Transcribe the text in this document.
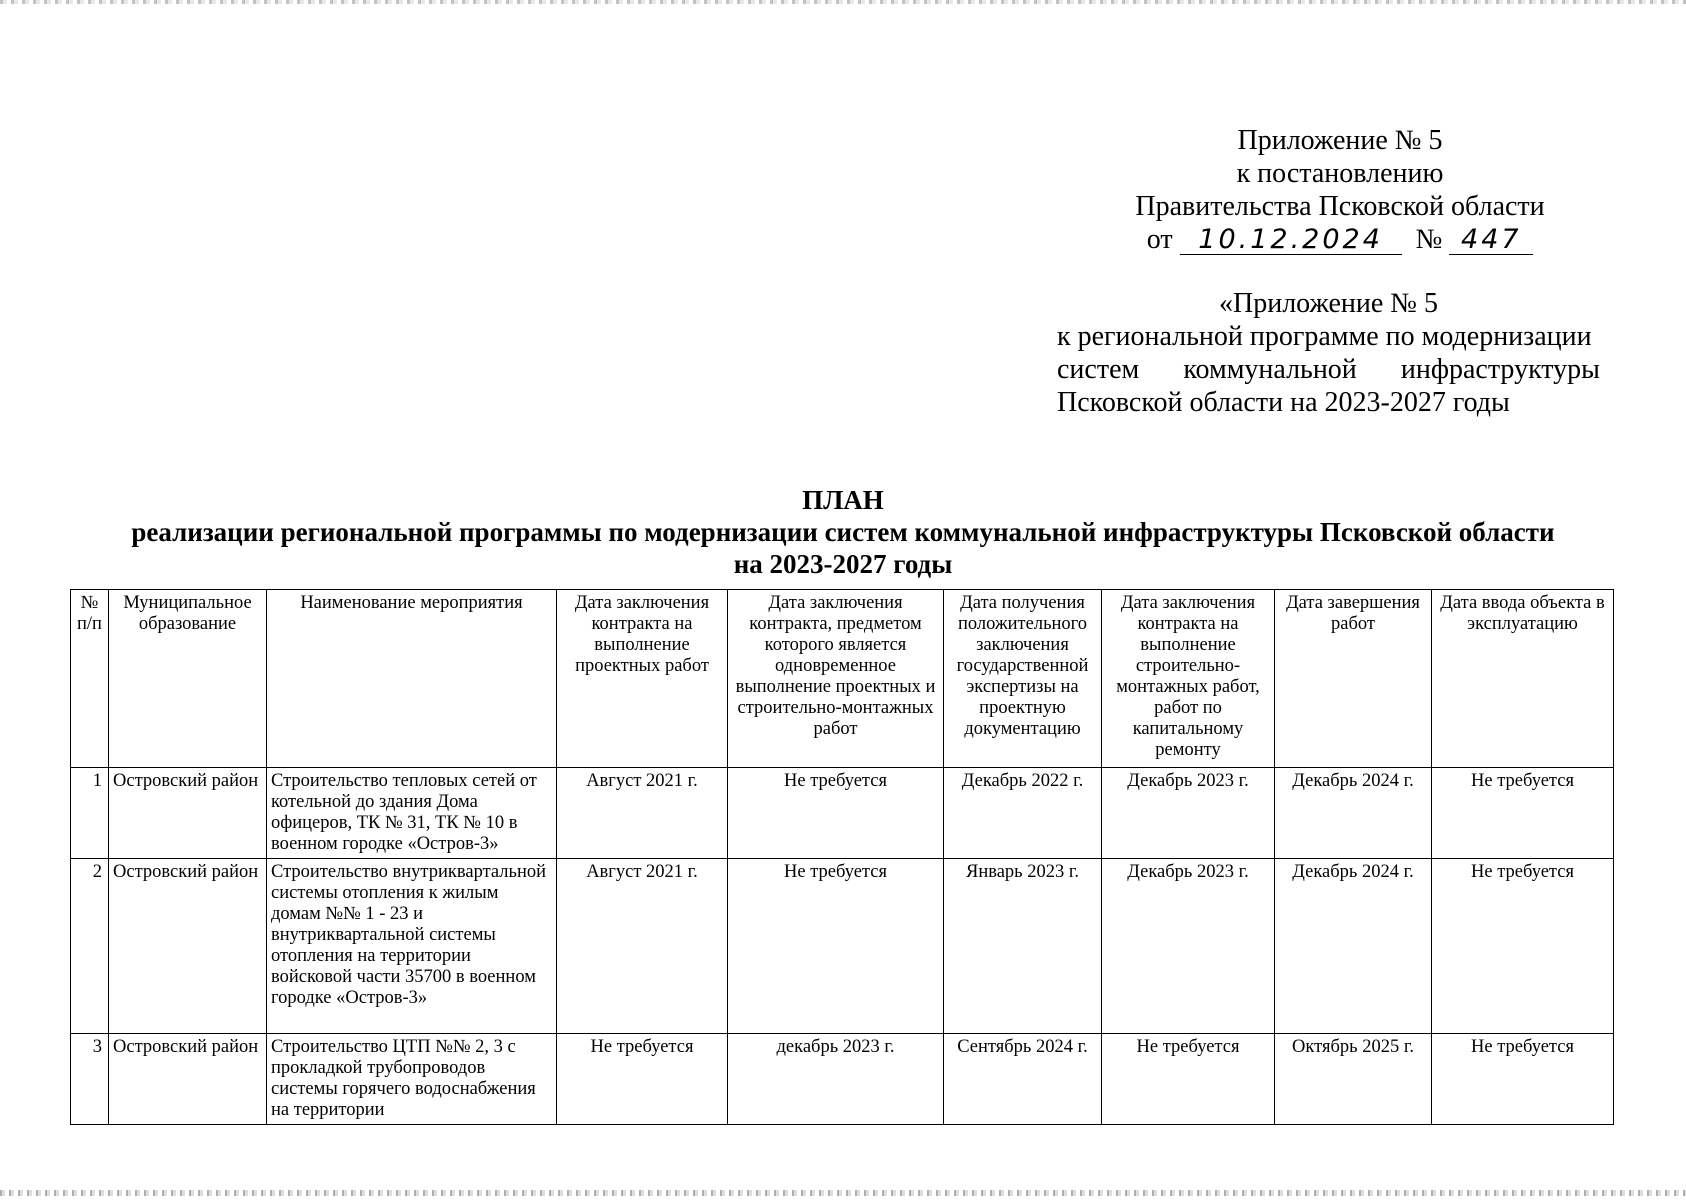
Приложение № 5
к постановлению
Правительства Псковской области
от 10.12.2024 № 447
«Приложение № 5
к региональной программе по модернизации
систем коммунальной инфраструктуры
Псковской области на 2023-2027 годы
ПЛАН
реализации региональной программы по модернизации систем коммунальной инфраструктуры Псковской области
на 2023-2027 годы
№ п/п	Муниципальное образование	Наименование мероприятия	Дата заключения контракта на выполнение проектных работ	Дата заключения контракта, предметом которого является одновременное выполнение проектных и строительно-монтажных работ	Дата получения положительного заключения государственной экспертизы на проектную документацию	Дата заключения контракта на выполнение строительно-монтажных работ, работ по капитальному ремонту	Дата завершения работ	Дата ввода объекта в эксплуатацию
1	Островский район	Строительство тепловых сетей от котельной до здания Дома офицеров, ТК № 31, ТК № 10 в военном городке «Остров-3»	Август 2021 г.	Не требуется	Декабрь 2022 г.	Декабрь 2023 г.	Декабрь 2024 г.	Не требуется
2	Островский район	Строительство внутриквартальной системы отопления к жилым домам №№ 1 - 23 и внутриквартальной системы отопления на территории войсковой части 35700 в военном городке «Остров-3»	Август 2021 г.	Не требуется	Январь 2023 г.	Декабрь 2023 г.	Декабрь 2024 г.	Не требуется
3	Островский район	Строительство ЦТП №№ 2, 3 с прокладкой трубопроводов системы горячего водоснабжения на территории	Не требуется	декабрь 2023 г.	Сентябрь 2024 г.	Не требуется	Октябрь 2025 г.	Не требуется
